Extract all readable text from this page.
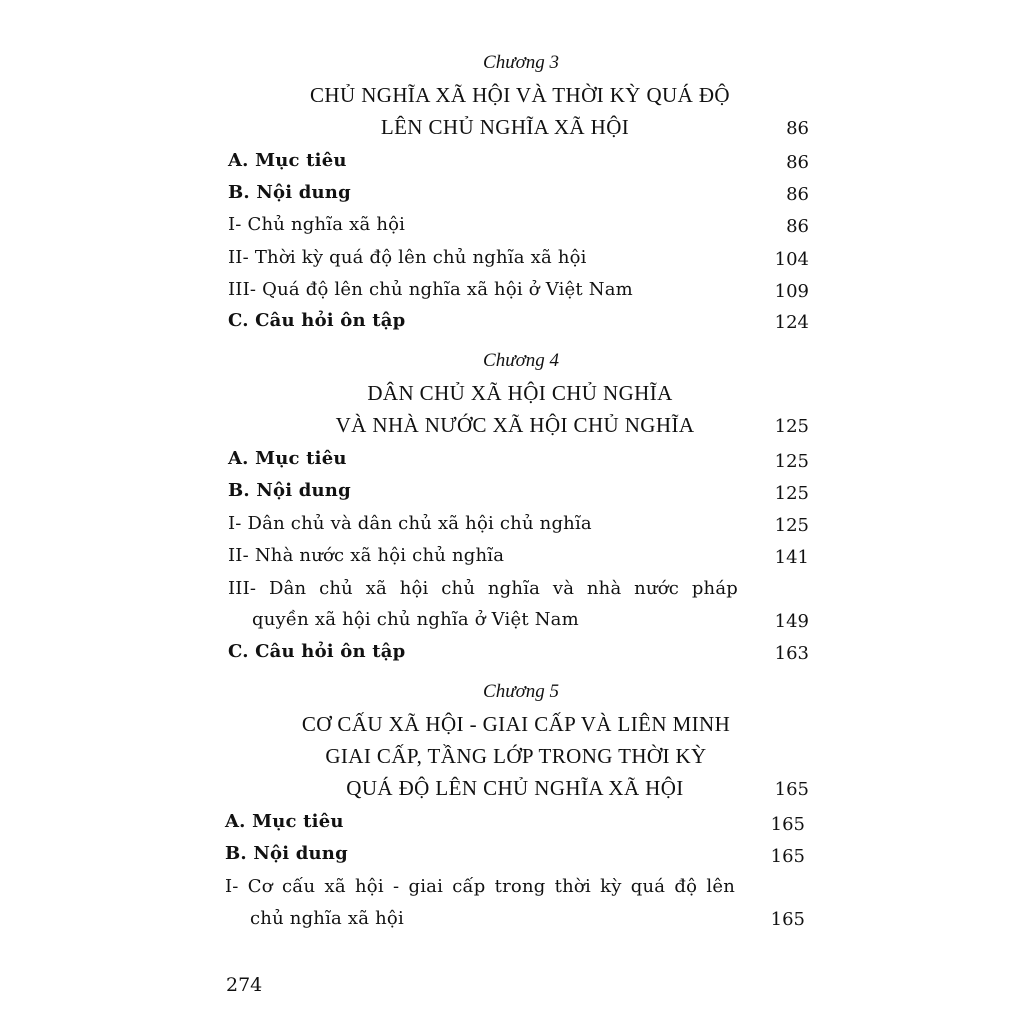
Chương 3
CHỦ NGHĨA XÃ HỘI VÀ THỜI KỲ QUÁ ĐỘ
LÊN CHỦ NGHĨA XÃ HỘI	86
A. Mục tiêu	86
B. Nội dung	86
I- Chủ nghĩa xã hội	86
II- Thời kỳ quá độ lên chủ nghĩa xã hội	104
III- Quá độ lên chủ nghĩa xã hội ở Việt Nam	109
C. Câu hỏi ôn tập	124
Chương 4
DÂN CHỦ XÃ HỘI CHỦ NGHĨA
VÀ NHÀ NƯỚC XÃ HỘI CHỦ NGHĨA	125
A. Mục tiêu	125
B. Nội dung	125
I- Dân chủ và dân chủ xã hội chủ nghĩa	125
II- Nhà nước xã hội chủ nghĩa	141
III- Dân chủ xã hội chủ nghĩa và nhà nước pháp
quyền xã hội chủ nghĩa ở Việt Nam	149
C. Câu hỏi ôn tập	163
Chương 5
CƠ CẤU XÃ HỘI - GIAI CẤP VÀ LIÊN MINH
GIAI CẤP, TẦNG LỚP TRONG THỜI KỲ
QUÁ ĐỘ LÊN CHỦ NGHĨA XÃ HỘI	165
A. Mục tiêu	165
B. Nội dung	165
I- Cơ cấu xã hội - giai cấp trong thời kỳ quá độ lên
chủ nghĩa xã hội	165
274
